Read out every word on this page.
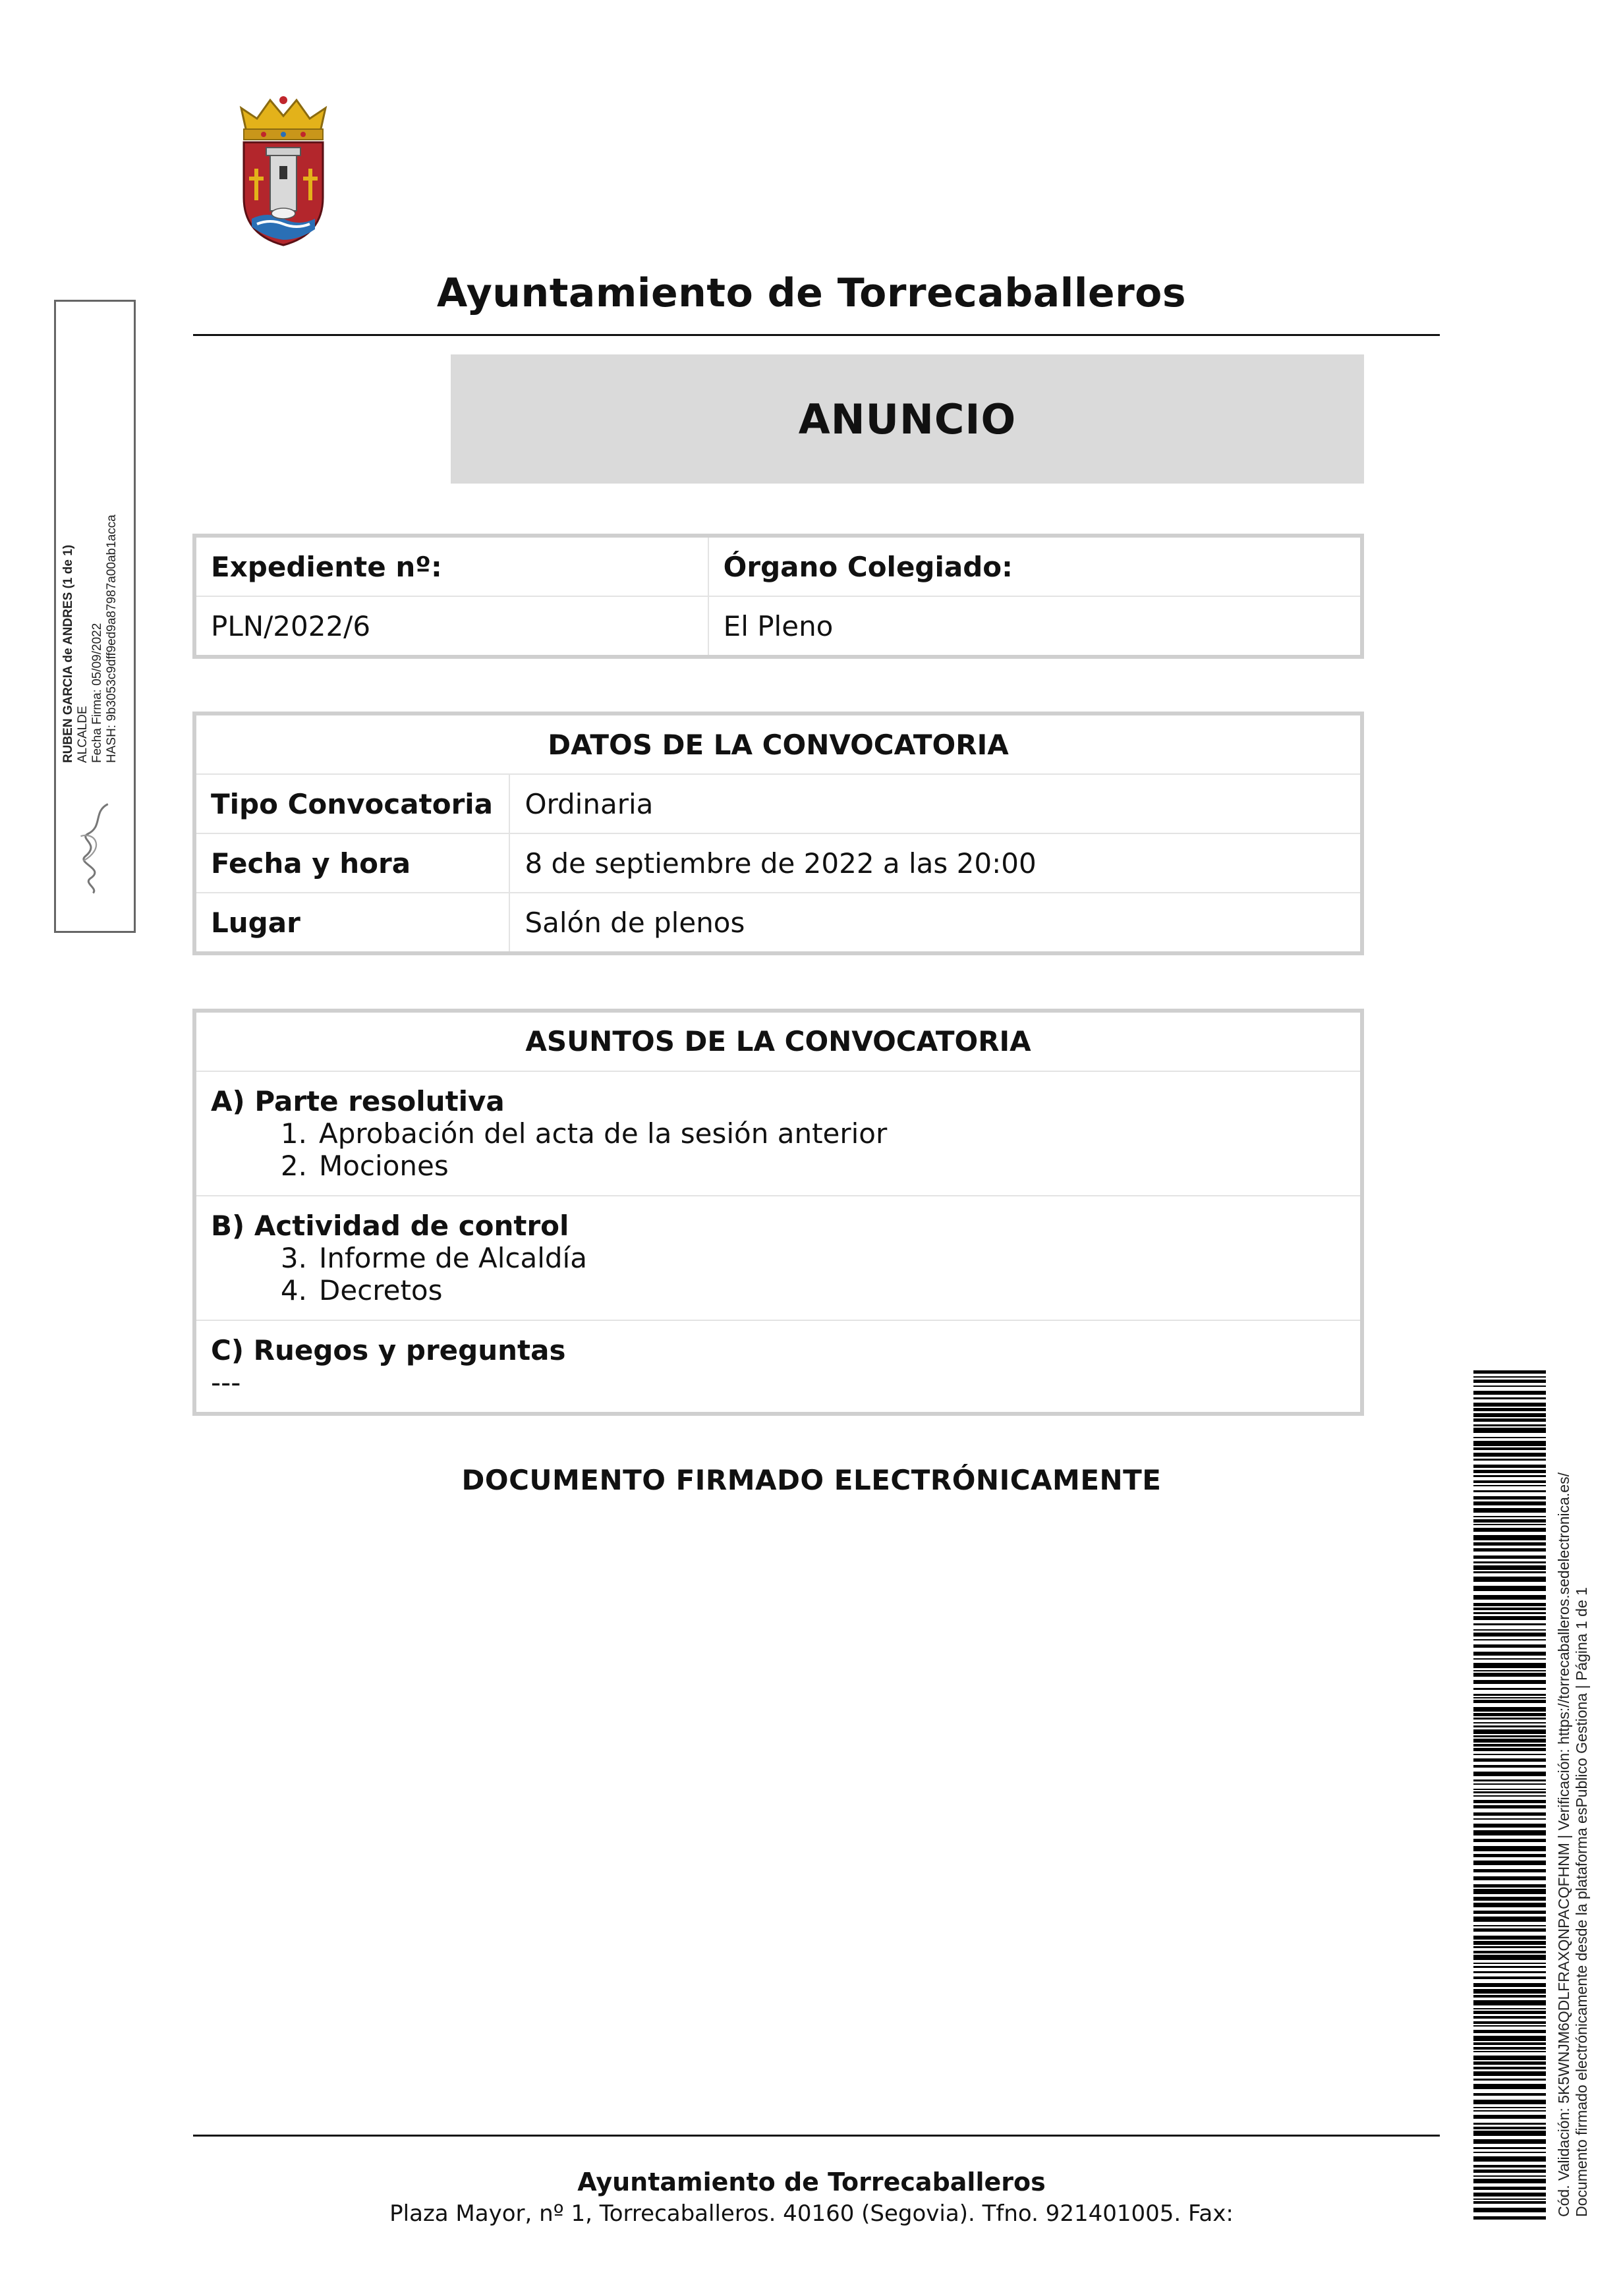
Ayuntamiento de Torrecaballeros
ANUNCIO
Expediente nº:	Órgano Colegiado:
PLN/2022/6	El Pleno
DATOS DE LA CONVOCATORIA	
Tipo Convocatoria	Ordinaria
Fecha y hora	8 de septiembre de 2022 a las 20:00
Lugar	Salón de plenos
ASUNTOS DE LA CONVOCATORIA

A) Parte resolutiva
1. Aprobación del acta de la sesión anterior
2. Mociones

B) Actividad de control
3. Informe de Alcaldía
4. Decretos

C) Ruegos y preguntas
---
DOCUMENTO FIRMADO ELECTRÓNICAMENTE
Ayuntamiento de Torrecaballeros
Plaza Mayor, nº 1, Torrecaballeros. 40160 (Segovia). Tfno. 921401005. Fax:
RUBEN GARCIA de ANDRES (1 de 1) ALCALDE Fecha Firma: 05/09/2022 HASH: 9b3053c9dff9ed9a87987a00ab1acca
Cód. Validación: 5K5WNJM6QDLFRAXQNPACQFHNM | Verificación: https://torrecaballeros.sedelectronica.es/ Documento firmado electrónicamente desde la plataforma esPublico Gestiona | Página 1 de 1
